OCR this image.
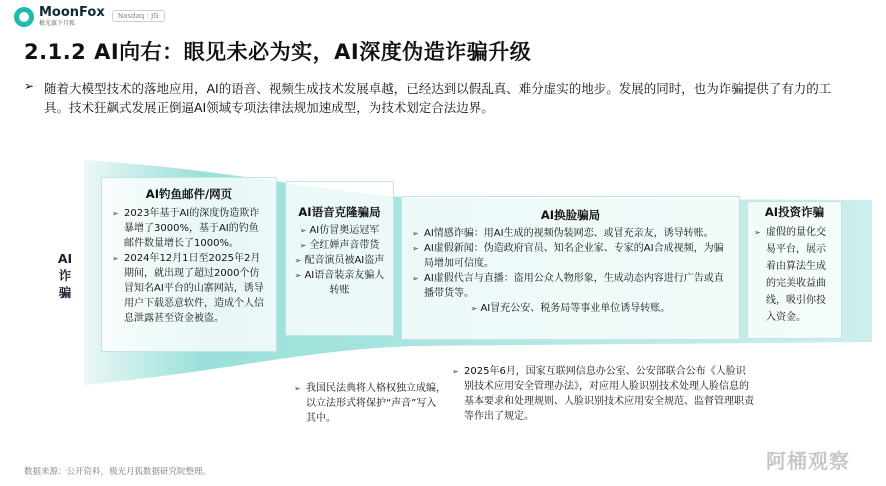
MoonFox
极光旗下月狐
Nasdaq : JG
2.1.2 AI向右：眼见未必为实，AI深度伪造诈骗升级
➢ 随着大模型技术的落地应用，AI的语音、视频生成技术发展卓越，已经达到以假乱真、难分虚实的地步。发展的同时，也为诈骗提供了有力的工具。技术狂飙式发展正倒逼AI领域专项法律法规加速成型，为技术划定合法边界。
AI
诈
骗
AI钓鱼邮件/网页
➢ 2023年基于AI的深度伪造欺诈暴增了3000%，基于AI的钓鱼邮件数量增长了1000%。
➢ 2024年12月1日至2025年2月期间，就出现了超过2000个仿冒知名AI平台的山寨网站，诱导用户下载恶意软件，造成个人信息泄露甚至资金被盗。
AI语音克隆骗局
➢ AI仿冒奥运冠军
➢ 全红婵声音带货
➢ 配音演员被AI盗声
➢ AI语音装亲友骗人转账
AI换脸骗局
➢ AI情感诈骗：用AI生成的视频伪装网恋、或冒充亲友，诱导转账。
➢ AI虚假新闻：伪造政府官员、知名企业家、专家的AI合成视频，为骗局增加可信度。
➢ AI虚假代言与直播：盗用公众人物形象，生成动态内容进行广告或直播带货等。
➢ AI冒充公安、税务局等事业单位诱导转账。
AI投资诈骗
➢ 虚假的量化交易平台，展示着由算法生成的完美收益曲线，吸引你投入资金。
➢ 我国民法典将人格权独立成编，以立法形式将保护“声音”写入其中。
➢ 2025年6月，国家互联网信息办公室、公安部联合公布《人脸识别技术应用安全管理办法》，对应用人脸识别技术处理人脸信息的基本要求和处理规则、人脸识别技术应用安全规范、监督管理职责等作出了规定。
数据来源：公开资料，极光月狐数据研究院整理。	阿桶观察
